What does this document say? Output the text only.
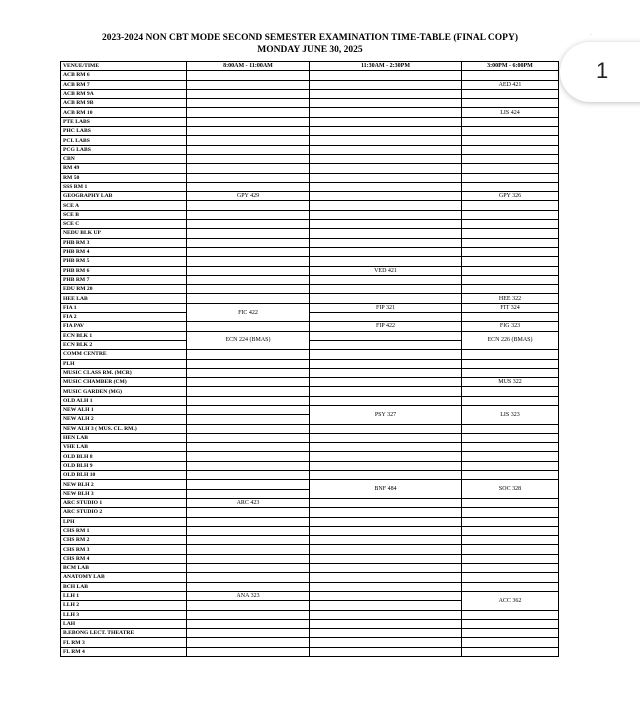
2023-2024 NON CBT MODE SECOND SEMESTER EXAMINATION TIME-TABLE (FINAL COPY)
MONDAY JUNE 30, 2025
·
VENUE/TIME	8:00AM - 11:00AM	11:30AM - 2:30PM	3:00PM - 6:00PM
ACB RM 6			
ACB RM 7			AED 421
ACB RM 9A			
ACB RM 9B			
ACB RM 10			LIS 424
PTE LABS			
PHC LABS			
PCL LABS			
PCG LABS			
CBN			
RM 49			
RM 50			
SSS RM 1			
GEOGRAPHY LAB	GPY 429		GPY 326
SCE A			
SCE B			
SCE C			
NEDU BLK UP			
PHB RM 3			
PHB RM 4			
PHB RM 5			
PHB RM 6		VED 421	
PHB RM 7			
EDU RM 20			
HEE LAB			HEE 322
FIA 1	FIC 422	FIP 321	FIT 324
FIA 2			
FIA PAV		FIP 422	FIG 323
ECN BLK 1	ECN 224 (BMAS)		ECN 226 (BMAS)
ECN BLK 2			
COMM CENTRE			
PLH			
MUSIC CLASS RM. (MCR)			
MUSIC CHAMBER (CM)			MUS 322
MUSIC GARDEN (MG)			
OLD ALH 1			
NEW ALH 1		PSY 327	LIS 323
NEW ALH 2			
NEW ALH 3 ( MUS. CL. RM.)			
HEN LAB			
VHE LAB			
OLD BLH 8			
OLD BLH 9			
OLD BLH 10			
NEW BLH 2		BNF 484	SOC 328
NEW BLH 3			
ARC STUDIO 1	ARC 423		
ARC STUDIO 2			
LPH			
CHS RM 1			
CHS RM 2			
CHS RM 3			
CHS RM 4			
BCM LAB			
ANATOMY LAB			
BCH LAB			
LLH 1	ANA 323		ACC 362
LLH 2			
LLH 3			
LAH			
B.EBONG LECT. THEATRE			
FL RM 3			
FL RM 4			
1
